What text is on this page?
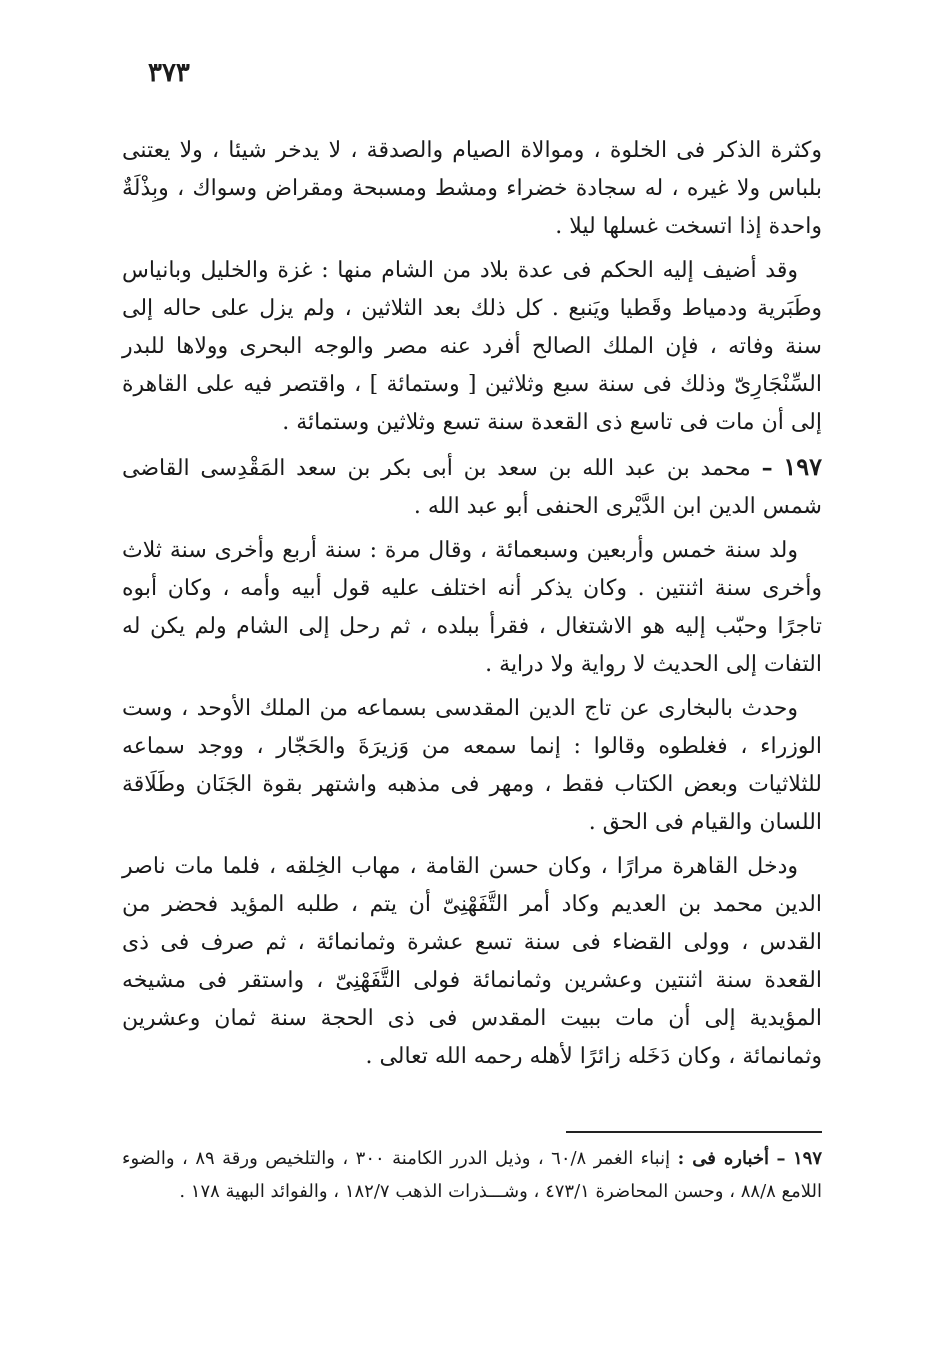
٣٧٣

وكثرة الذكر فى الخلوة ، وموالاة الصيام والصدقة ، لا يدخر شيئا ، ولا يعتنى بلباس ولا غيره ، له سجادة خضراء ومشط ومسبحة ومقراض وسواك ، وبِذْلَةٌ واحدة إذا اتسخت غسلها ليلا .

وقد أضيف إليه الحكم فى عدة بلاد من الشام منها : غزة والخليل وبانياس وطَبَرية ودمياط وقَطيا ويَنبع . كل ذلك بعد الثلاثين ، ولم يزل على حاله إلى سنة وفاته ، فإن الملك الصالح أفرد عنه مصر والوجه البحرى وولاها للبدر السِّنْجَارِىّ وذلك فى سنة سبع وثلاثين [ وستمائة ] ، واقتصر فيه على القاهرة إلى أن مات فى تاسع ذى القعدة سنة تسع وثلاثين وستمائة .

١٩٧ – محمد بن عبد الله بن سعد بن أبى بكر بن سعد المَقْدِسى القاضى شمس الدين ابن الدَّيْرى الحنفى أبو عبد الله .

ولد سنة خمس وأربعين وسبعمائة ، وقال مرة : سنة أربع وأخرى سنة ثلاث وأخرى سنة اثنتين . وكان يذكر أنه اختلف عليه قول أبيه وأمه ، وكان أبوه تاجرًا وحبّب إليه هو الاشتغال ، فقرأ ببلده ، ثم رحل إلى الشام ولم يكن له التفات إلى الحديث لا رواية ولا دراية .

وحدث بالبخارى عن تاج الدين المقدسى بسماعه من الملك الأوحد ، وست الوزراء ، فغلطوه وقالوا : إنما سمعه من وَزيرَةَ والحَجّار ، ووجد سماعه للثلاثيات وبعض الكتاب فقط ، ومهر فى مذهبه واشتهر بقوة الجَنَان وطَلَاقة اللسان والقيام فى الحق .

ودخل القاهرة مرارًا ، وكان حسن القامة ، مهاب الخِلقه ، فلما مات ناصر الدين محمد بن العديم وكاد أمر التَّفَهْنِىّ أن يتم ، طلبه المؤيد فحضر من القدس ، وولى القضاء فى سنة تسع عشرة وثمانمائة ، ثم صرف فى ذى القعدة سنة اثنتين وعشرين وثمانمائة فولى التَّفَهْنِىّ ، واستقر فى مشيخه المؤيدية إلى أن مات ببيت المقدس فى ذى الحجة سنة ثمان وعشرين وثمانمائة ، وكان دَخَله زائرًا لأهله رحمه الله تعالى .

١٩٧ – أخباره فى : إنباء الغمر ٦٠/٨ ، وذيل الدرر الكامنة ٣٠٠ ، والتلخيص ورقة ٨٩ ، والضوء اللامع ٨٨/٨ ، وحسن المحاضرة ٤٧٣/١ ، وشـــذرات الذهب ١٨٢/٧ ، والفوائد البهية ١٧٨ .
